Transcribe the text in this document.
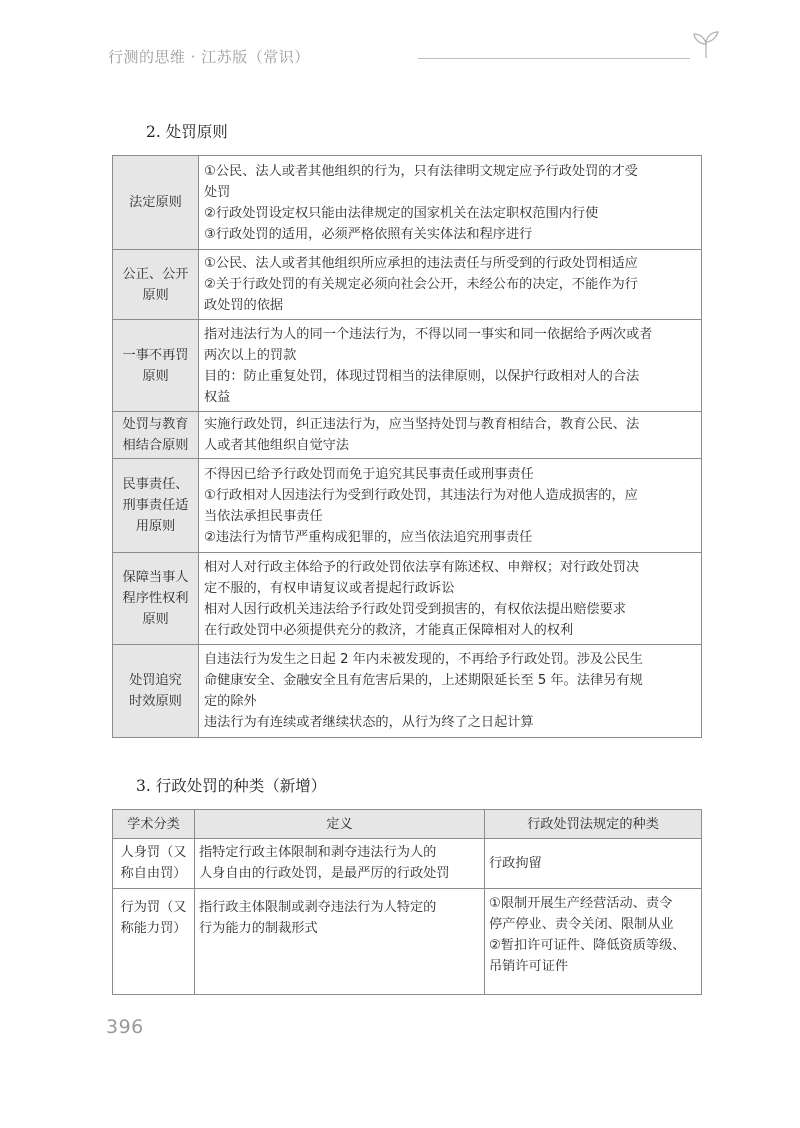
行测的思维 · 江苏版（常识）
2. 处罚原则
法定原则	①公民、法人或者其他组织的行为，只有法律明文规定应予行政处罚的才受
处罚
②行政处罚设定权只能由法律规定的国家机关在法定职权范围内行使
③行政处罚的适用，必须严格依照有关实体法和程序进行

公正、公开
原则	①公民、法人或者其他组织所应承担的违法责任与所受到的行政处罚相适应
②关于行政处罚的有关规定必须向社会公开，未经公布的决定，不能作为行
政处罚的依据

一事不再罚
原则	指对违法行为人的同一个违法行为，不得以同一事实和同一依据给予两次或者
两次以上的罚款
目的：防止重复处罚，体现过罚相当的法律原则，以保护行政相对人的合法
权益

处罚与教育
相结合原则	实施行政处罚，纠正违法行为，应当坚持处罚与教育相结合，教育公民、法
人或者其他组织自觉守法

民事责任、
刑事责任适
用原则	不得因已给予行政处罚而免于追究其民事责任或刑事责任
①行政相对人因违法行为受到行政处罚，其违法行为对他人造成损害的，应
当依法承担民事责任
②违法行为情节严重构成犯罪的，应当依法追究刑事责任

保障当事人
程序性权利
原则	相对人对行政主体给予的行政处罚依法享有陈述权、申辩权；对行政处罚决
定不服的，有权申请复议或者提起行政诉讼
相对人因行政机关违法给予行政处罚受到损害的，有权依法提出赔偿要求
在行政处罚中必须提供充分的救济，才能真正保障相对人的权利

处罚追究
时效原则	自违法行为发生之日起 2 年内未被发现的，不再给予行政处罚。涉及公民生
命健康安全、金融安全且有危害后果的，上述期限延长至 5 年。法律另有规
定的除外
违法行为有连续或者继续状态的，从行为终了之日起计算
3. 行政处罚的种类（新增）
学术分类	定义	行政处罚法规定的种类

人身罚（又
称自由罚）	指特定行政主体限制和剥夺违法行为人的
人身自由的行政处罚，是最严厉的行政处罚	行政拘留

行为罚（又
称能力罚）	指行政主体限制或剥夺违法行为人特定的
行为能力的制裁形式	①限制开展生产经营活动、责令
停产停业、责令关闭、限制从业
②暂扣许可证件、降低资质等级、
吊销许可证件
396
